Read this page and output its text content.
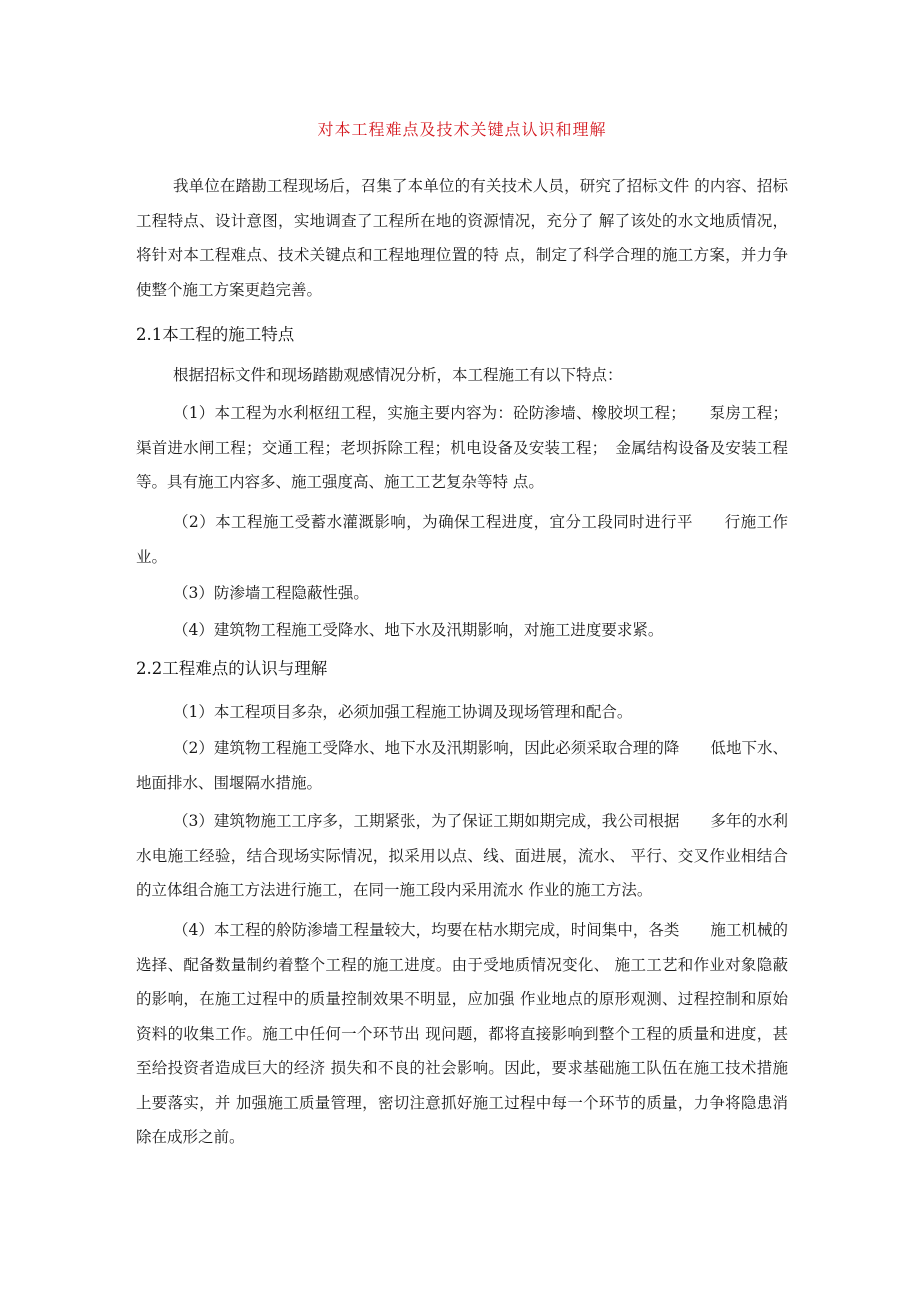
对本工程难点及技术关键点认识和理解

我单位在踏勘工程现场后，召集了本单位的有关技术人员，研究了招标文件 的内容、招标工程特点、设计意图，实地调查了工程所在地的资源情况，充分了 解了该处的水文地质情况，将针对本工程难点、技术关键点和工程地理位置的特 点，制定了科学合理的施工方案，并力争使整个施工方案更趋完善。

2.1本工程的施工特点

根据招标文件和现场踏勘观感情况分析，本工程施工有以下特点：

（1）本工程为水利枢纽工程，实施主要内容为：砼防渗墙、橡胶坝工程；　　泵房工程；渠首进水闸工程；交通工程；老坝拆除工程；机电设备及安装工程；　金属结构设备及安装工程等。具有施工内容多、施工强度高、施工工艺复杂等特 点。

（2）本工程施工受蓄水灌溉影响，为确保工程进度，宜分工段同时进行平　　行施工作业。

（3）防渗墙工程隐蔽性强。

（4）建筑物工程施工受降水、地下水及汛期影响，对施工进度要求紧。

2.2工程难点的认识与理解

（1）本工程项目多杂，必须加强工程施工协调及现场管理和配合。

（2）建筑物工程施工受降水、地下水及汛期影响，因此必须采取合理的降　　低地下水、地面排水、围堰隔水措施。

（3）建筑物施工工序多，工期紧张，为了保证工期如期完成，我公司根据　　多年的水利水电施工经验，结合现场实际情况，拟采用以点、线、面进展，流水、 平行、交叉作业相结合的立体组合施工方法进行施工，在同一施工段内采用流水 作业的施工方法。

（4）本工程的舲防渗墙工程量较大，均要在枯水期完成，时间集中，各类　　施工机械的选择、配备数量制约着整个工程的施工进度。由于受地质情况变化、 施工工艺和作业对象隐蔽的影响，在施工过程中的质量控制效果不明显，应加强 作业地点的原形观测、过程控制和原始资料的收集工作。施工中任何一个环节出 现问题，都将直接影响到整个工程的质量和进度，甚至给投资者造成巨大的经济 损失和不良的社会影响。因此，要求基础施工队伍在施工技术措施上要落实，并 加强施工质量管理，密切注意抓好施工过程中每一个环节的质量，力争将隐患消 除在成形之前。
